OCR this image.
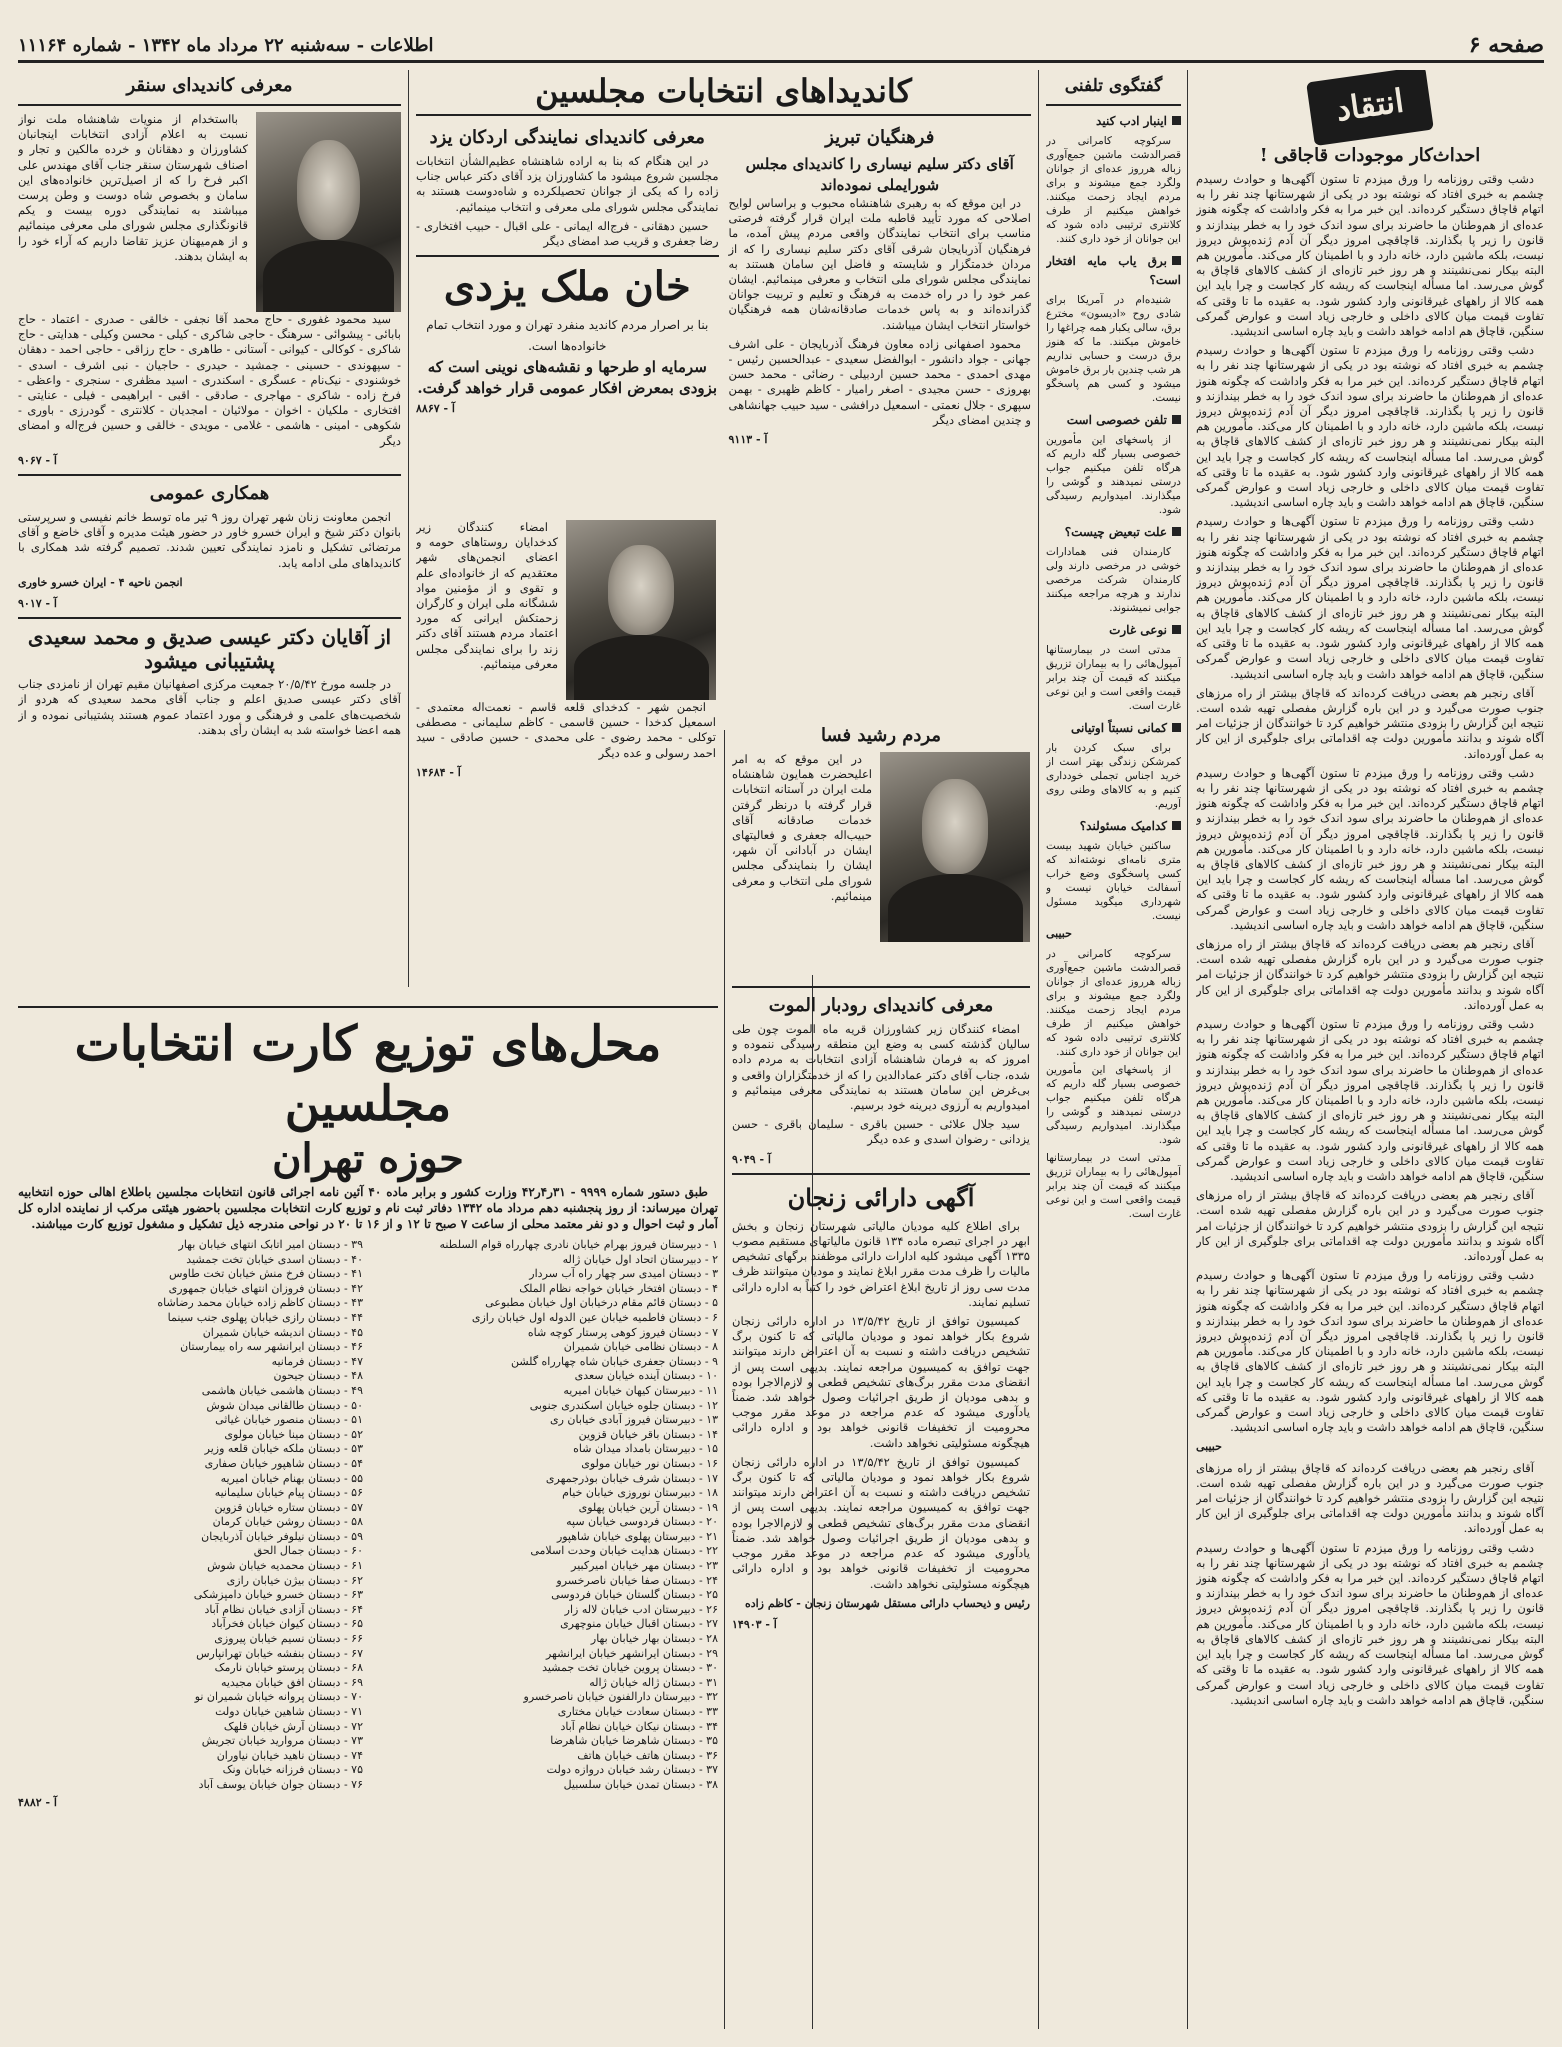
اطلاعات - سه‌شنبه ۲۲ مرداد ماه ۱۳۴۲ - شماره ۱۱۱۶۴	صفحه ۶
انتقاد
احداث‌کار موجودات قاجاقی !

دشب وقتی روزنامه را ورق میزدم تا ستون آگهی‌ها و حوادث رسیدم چشمم به خبری افتاد که نوشته بود در یکی از شهرستانها چند نفر را به اتهام قاچاق دستگیر کرده‌اند. این خبر مرا به فکر واداشت که چگونه هنوز عده‌ای از هم‌وطنان ما حاضرند برای سود اندک خود را به خطر بیندازند و قانون را زیر پا بگذارند. قاچاقچی امروز دیگر آن آدم ژنده‌پوش دیروز نیست، بلکه ماشین دارد، خانه دارد و با اطمینان کار می‌کند. مأمورین هم البته بیکار نمی‌نشینند و هر روز خبر تازه‌ای از کشف کالاهای قاچاق به گوش می‌رسد. اما مسأله اینجاست که ریشه کار کجاست و چرا باید این همه کالا از راههای غیرقانونی وارد کشور شود. به عقیده ما تا وقتی که تفاوت قیمت میان کالای داخلی و خارجی زیاد است و عوارض گمرکی سنگین، قاچاق هم ادامه خواهد داشت و باید چاره اساسی اندیشید.

دشب وقتی روزنامه را ورق میزدم تا ستون آگهی‌ها و حوادث رسیدم چشمم به خبری افتاد که نوشته بود در یکی از شهرستانها چند نفر را به اتهام قاچاق دستگیر کرده‌اند. این خبر مرا به فکر واداشت که چگونه هنوز عده‌ای از هم‌وطنان ما حاضرند برای سود اندک خود را به خطر بیندازند و قانون را زیر پا بگذارند. قاچاقچی امروز دیگر آن آدم ژنده‌پوش دیروز نیست، بلکه ماشین دارد، خانه دارد و با اطمینان کار می‌کند. مأمورین هم البته بیکار نمی‌نشینند و هر روز خبر تازه‌ای از کشف کالاهای قاچاق به گوش می‌رسد. اما مسأله اینجاست که ریشه کار کجاست و چرا باید این همه کالا از راههای غیرقانونی وارد کشور شود. به عقیده ما تا وقتی که تفاوت قیمت میان کالای داخلی و خارجی زیاد است و عوارض گمرکی سنگین، قاچاق هم ادامه خواهد داشت و باید چاره اساسی اندیشید.

دشب وقتی روزنامه را ورق میزدم تا ستون آگهی‌ها و حوادث رسیدم چشمم به خبری افتاد که نوشته بود در یکی از شهرستانها چند نفر را به اتهام قاچاق دستگیر کرده‌اند. این خبر مرا به فکر واداشت که چگونه هنوز عده‌ای از هم‌وطنان ما حاضرند برای سود اندک خود را به خطر بیندازند و قانون را زیر پا بگذارند. قاچاقچی امروز دیگر آن آدم ژنده‌پوش دیروز نیست، بلکه ماشین دارد، خانه دارد و با اطمینان کار می‌کند. مأمورین هم البته بیکار نمی‌نشینند و هر روز خبر تازه‌ای از کشف کالاهای قاچاق به گوش می‌رسد. اما مسأله اینجاست که ریشه کار کجاست و چرا باید این همه کالا از راههای غیرقانونی وارد کشور شود. به عقیده ما تا وقتی که تفاوت قیمت میان کالای داخلی و خارجی زیاد است و عوارض گمرکی سنگین، قاچاق هم ادامه خواهد داشت و باید چاره اساسی اندیشید.

آقای رنجبر هم بعضی دریافت کرده‌اند که قاچاق بیشتر از راه مرزهای جنوب صورت می‌گیرد و در این باره گزارش مفصلی تهیه شده است. نتیجه این گزارش را بزودی منتشر خواهیم کرد تا خوانندگان از جزئیات امر آگاه شوند و بدانند مأمورین دولت چه اقداماتی برای جلوگیری از این کار به عمل آورده‌اند.

دشب وقتی روزنامه را ورق میزدم تا ستون آگهی‌ها و حوادث رسیدم چشمم به خبری افتاد که نوشته بود در یکی از شهرستانها چند نفر را به اتهام قاچاق دستگیر کرده‌اند. این خبر مرا به فکر واداشت که چگونه هنوز عده‌ای از هم‌وطنان ما حاضرند برای سود اندک خود را به خطر بیندازند و قانون را زیر پا بگذارند. قاچاقچی امروز دیگر آن آدم ژنده‌پوش دیروز نیست، بلکه ماشین دارد، خانه دارد و با اطمینان کار می‌کند. مأمورین هم البته بیکار نمی‌نشینند و هر روز خبر تازه‌ای از کشف کالاهای قاچاق به گوش می‌رسد. اما مسأله اینجاست که ریشه کار کجاست و چرا باید این همه کالا از راههای غیرقانونی وارد کشور شود. به عقیده ما تا وقتی که تفاوت قیمت میان کالای داخلی و خارجی زیاد است و عوارض گمرکی سنگین، قاچاق هم ادامه خواهد داشت و باید چاره اساسی اندیشید.

آقای رنجبر هم بعضی دریافت کرده‌اند که قاچاق بیشتر از راه مرزهای جنوب صورت می‌گیرد و در این باره گزارش مفصلی تهیه شده است. نتیجه این گزارش را بزودی منتشر خواهیم کرد تا خوانندگان از جزئیات امر آگاه شوند و بدانند مأمورین دولت چه اقداماتی برای جلوگیری از این کار به عمل آورده‌اند.

دشب وقتی روزنامه را ورق میزدم تا ستون آگهی‌ها و حوادث رسیدم چشمم به خبری افتاد که نوشته بود در یکی از شهرستانها چند نفر را به اتهام قاچاق دستگیر کرده‌اند. این خبر مرا به فکر واداشت که چگونه هنوز عده‌ای از هم‌وطنان ما حاضرند برای سود اندک خود را به خطر بیندازند و قانون را زیر پا بگذارند. قاچاقچی امروز دیگر آن آدم ژنده‌پوش دیروز نیست، بلکه ماشین دارد، خانه دارد و با اطمینان کار می‌کند. مأمورین هم البته بیکار نمی‌نشینند و هر روز خبر تازه‌ای از کشف کالاهای قاچاق به گوش می‌رسد. اما مسأله اینجاست که ریشه کار کجاست و چرا باید این همه کالا از راههای غیرقانونی وارد کشور شود. به عقیده ما تا وقتی که تفاوت قیمت میان کالای داخلی و خارجی زیاد است و عوارض گمرکی سنگین، قاچاق هم ادامه خواهد داشت و باید چاره اساسی اندیشید.

آقای رنجبر هم بعضی دریافت کرده‌اند که قاچاق بیشتر از راه مرزهای جنوب صورت می‌گیرد و در این باره گزارش مفصلی تهیه شده است. نتیجه این گزارش را بزودی منتشر خواهیم کرد تا خوانندگان از جزئیات امر آگاه شوند و بدانند مأمورین دولت چه اقداماتی برای جلوگیری از این کار به عمل آورده‌اند.

دشب وقتی روزنامه را ورق میزدم تا ستون آگهی‌ها و حوادث رسیدم چشمم به خبری افتاد که نوشته بود در یکی از شهرستانها چند نفر را به اتهام قاچاق دستگیر کرده‌اند. این خبر مرا به فکر واداشت که چگونه هنوز عده‌ای از هم‌وطنان ما حاضرند برای سود اندک خود را به خطر بیندازند و قانون را زیر پا بگذارند. قاچاقچی امروز دیگر آن آدم ژنده‌پوش دیروز نیست، بلکه ماشین دارد، خانه دارد و با اطمینان کار می‌کند. مأمورین هم البته بیکار نمی‌نشینند و هر روز خبر تازه‌ای از کشف کالاهای قاچاق به گوش می‌رسد. اما مسأله اینجاست که ریشه کار کجاست و چرا باید این همه کالا از راههای غیرقانونی وارد کشور شود. به عقیده ما تا وقتی که تفاوت قیمت میان کالای داخلی و خارجی زیاد است و عوارض گمرکی سنگین، قاچاق هم ادامه خواهد داشت و باید چاره اساسی اندیشید.

حبیبی

آقای رنجبر هم بعضی دریافت کرده‌اند که قاچاق بیشتر از راه مرزهای جنوب صورت می‌گیرد و در این باره گزارش مفصلی تهیه شده است. نتیجه این گزارش را بزودی منتشر خواهیم کرد تا خوانندگان از جزئیات امر آگاه شوند و بدانند مأمورین دولت چه اقداماتی برای جلوگیری از این کار به عمل آورده‌اند.

دشب وقتی روزنامه را ورق میزدم تا ستون آگهی‌ها و حوادث رسیدم چشمم به خبری افتاد که نوشته بود در یکی از شهرستانها چند نفر را به اتهام قاچاق دستگیر کرده‌اند. این خبر مرا به فکر واداشت که چگونه هنوز عده‌ای از هم‌وطنان ما حاضرند برای سود اندک خود را به خطر بیندازند و قانون را زیر پا بگذارند. قاچاقچی امروز دیگر آن آدم ژنده‌پوش دیروز نیست، بلکه ماشین دارد، خانه دارد و با اطمینان کار می‌کند. مأمورین هم البته بیکار نمی‌نشینند و هر روز خبر تازه‌ای از کشف کالاهای قاچاق به گوش می‌رسد. اما مسأله اینجاست که ریشه کار کجاست و چرا باید این همه کالا از راههای غیرقانونی وارد کشور شود. به عقیده ما تا وقتی که تفاوت قیمت میان کالای داخلی و خارجی زیاد است و عوارض گمرکی سنگین، قاچاق هم ادامه خواهد داشت و باید چاره اساسی اندیشید.

گفتگوی تلفنی
اینبار ادب کنید

سرکوچه کامرانی در قصرالدشت ماشین جمع‌آوری زباله هرروز عده‌ای از جوانان ولگرد جمع میشوند و برای مردم ایجاد زحمت میکنند. خواهش میکنیم از طرف کلانتری ترتیبی داده شود که این جوانان از خود داری کنند.

برق یاب مایه افتخار است؟

شنیده‌ام در آمریکا برای شادی روح «ادیسون» مخترع برق، سالی یکبار همه چراغها را خاموش میکنند. ما که هنوز برق درست و حسابی نداریم هر شب چندین بار برق خاموش میشود و کسی هم پاسخگو نیست.

تلفن خصوصی است

از پاسخهای این مأمورین خصوصی بسیار گله داریم که هرگاه تلفن میکنیم جواب درستی نمیدهند و گوشی را میگذارند. امیدواریم رسیدگی شود.

علت تبعیض چیست؟

کارمندان فنی همادارات خوشی در مرخصی دارند ولی کارمندان شرکت مرخصی ندارند و هرچه مراجعه میکنند جوابی نمیشنوند.

نوعی غارت

مدتی است در بیمارستانها آمپول‌هائی را به بیماران تزریق میکنند که قیمت آن چند برابر قیمت واقعی است و این نوعی غارت است.

کمانی نسبتاً اوتیانی

برای سبک کردن بار کمرشکن زندگی بهتر است از خرید اجناس تجملی خودداری کنیم و به کالاهای وطنی روی آوریم.

کدامیک مسئولند؟

ساکنین خیابان شهید بیست متری نامه‌ای نوشته‌اند که کسی پاسخگوی وضع خراب آسفالت خیابان نیست و شهرداری میگوید مسئول نیست.

حبیبی

سرکوچه کامرانی در قصرالدشت ماشین جمع‌آوری زباله هرروز عده‌ای از جوانان ولگرد جمع میشوند و برای مردم ایجاد زحمت میکنند. خواهش میکنیم از طرف کلانتری ترتیبی داده شود که این جوانان از خود داری کنند.

از پاسخهای این مأمورین خصوصی بسیار گله داریم که هرگاه تلفن میکنیم جواب درستی نمیدهند و گوشی را میگذارند. امیدواریم رسیدگی شود.

مدتی است در بیمارستانها آمپول‌هائی را به بیماران تزریق میکنند که قیمت آن چند برابر قیمت واقعی است و این نوعی غارت است.

کاندیداهای انتخابات مجلسین
فرهنگیان تبریز
آقای دکتر سلیم نیساری را کاندیدای مجلس شورایملی نموده‌اند

در این موقع که به رهبری شاهنشاه محبوب و براساس لوایح اصلاحی که مورد تأیید قاطبه ملت ایران قرار گرفته فرصتی مناسب برای انتخاب نمایندگان واقعی مردم پیش آمده، ما فرهنگیان آذربایجان شرقی آقای دکتر سلیم نیساری را که از مردان خدمتگزار و شایسته و فاضل این سامان هستند به نمایندگی مجلس شورای ملی انتخاب و معرفی مینمائیم. ایشان عمر خود را در راه خدمت به فرهنگ و تعلیم و تربیت جوانان گذرانده‌اند و به پاس خدمات صادقانه‌شان همه فرهنگیان خواستار انتخاب ایشان میباشند.

محمود اصفهانی زاده معاون فرهنگ آذربایجان - علی اشرف جهانی - جواد دانشور - ابوالفضل سعیدی - عبدالحسین رئیس - مهدی احمدی - محمد حسین اردبیلی - رضائی - محمد حسن بهروزی - حسن مجیدی - اصغر رامیار - کاظم ظهیری - بهمن سپهری - جلال نعمتی - اسمعیل درافشی - سید حبیب جهانشاهی و چندین امضای دیگر

آ - ۹۱۱۳
معرفی کاندیدای نمایندگی اردکان یزد

در این هنگام که بنا به اراده شاهنشاه عظیم‌الشأن انتخابات مجلسین شروع میشود ما کشاورزان یزد آقای دکتر عباس جناب زاده را که یکی از جوانان تحصیلکرده و شاه‌دوست هستند به نمایندگی مجلس شورای ملی معرفی و انتخاب مینمائیم.

حسین دهقانی - فرج‌اله ایمانی - علی اقبال - حبیب افتخاری - رضا جعفری و قریب صد امضای دیگر

خان ملک یزدی
بنا بر اصرار مردم کاندید منفرد تهران و مورد انتخاب تمام خانواده‌ها است.
سرمایه او طرحها و نقشه‌های نوینی است که بزودی بمعرض افکار عمومی قرار خواهد گرفت.
آ - ۸۸۶۷

امضاء کنندگان زیر کدخدایان روستاهای حومه و اعضای انجمن‌های شهر معتقدیم که از خانواده‌ای علم و تقوی و از مؤمنین مواد ششگانه ملی ایران و کارگران زحمتکش ایرانی که مورد اعتماد مردم هستند آقای دکتر زند را برای نمایندگی مجلس معرفی مینمائیم.

انجمن شهر - کدخدای قلعه قاسم - نعمت‌اله معتمدی - اسمعیل کدخدا - حسین قاسمی - کاظم سلیمانی - مصطفی توکلی - محمد رضوی - علی محمدی - حسین صادقی - سید احمد رسولی و عده دیگر

آ - ۱۴۶۸۴
مردم رشید فسا

در این موقع که به امر اعلیحضرت همایون شاهنشاه ملت ایران در آستانه انتخابات قرار گرفته با درنظر گرفتن خدمات صادقانه آقای حبیب‌اله جعفری و فعالیتهای ایشان در آبادانی آن شهر، ایشان را بنمایندگی مجلس شورای ملی انتخاب و معرفی مینمائیم.

معرفی کاندیدای سنقر

بااستخدام از منویات شاهنشاه ملت نواز نسبت به اعلام آزادی انتخابات اینجانبان کشاورزان و دهقانان و خرده مالکین و تجار و اصناف شهرستان سنقر جناب آقای مهندس علی اکبر فرخ را که از اصیل‌ترین خانواده‌های این سامان و بخصوص شاه دوست و وطن پرست میباشند به نمایندگی دوره بیست و یکم قانونگذاری مجلس شورای ملی معرفی مینمائیم و از هم‌میهنان عزیز تقاضا داریم که آراء خود را به ایشان بدهند.

سید محمود غفوری - حاج محمد آقا نجفی - خالقی - صدری - اعتماد - حاج بابائی - پیشوائی - سرهنگ - حاجی شاکری - کیلی - محسن وکیلی - هدایتی - حاج شاکری - کوکالی - کیوانی - آستانی - طاهری - حاج رزاقی - حاجی احمد - دهقان - سپهوندی - حسینی - جمشید - حیدری - حاجیان - نبی اشرف - اسدی - خوشنودی - نیک‌نام - عسگری - اسکندری - اسید مظفری - سنجری - واعظی - فرخ زاده - شاکری - مهاجری - صادقی - اقبی - ابراهیمی - فیلی - عنایتی - افتخاری - ملکیان - اخوان - مولائیان - امجدیان - کلانتری - گودرزی - باوری - شکوهی - امینی - هاشمی - غلامی - مویدی - خالقی و حسین فرج‌اله و امضای دیگر

آ - ۹۰۶۷
همکاری عمومی

انجمن معاونت زنان شهر تهران روز ۹ تیر ماه توسط خانم نفیسی و سرپرستی بانوان دکتر شیخ و ایران خسرو خاور در حضور هیئت مدیره و آقای خاضع و آقای مرتضائی تشکیل و نامزد نمایندگی تعیین شدند. تصمیم گرفته شد همکاری با کاندیداهای ملی ادامه یابد.

انجمن ناحیه ۴ - ایران خسرو خاوری
آ - ۹۰۱۷
از آقایان دکتر عیسی صدیق و محمد سعیدی پشتیبانی میشود

در جلسه مورخ ۲۰/۵/۴۲ جمعیت مرکزی اصفهانیان مقیم تهران از نامزدی جناب آقای دکتر عیسی صدیق اعلم و جناب آقای محمد سعیدی که هردو از شخصیت‌های علمی و فرهنگی و مورد اعتماد عموم هستند پشتیبانی نموده و از همه اعضا خواسته شد به ایشان رأی بدهند.

محل‌های توزیع کارت انتخابات مجلسین
حوزه تهران

طبق دستور شماره ۹۹۹۹ - ۳۱ر۴ر۴۲ وزارت کشور و برابر ماده ۴۰ آئین نامه اجرائی قانون انتخابات مجلسین باطلاع اهالی حوزه انتخابیه تهران میرساند: از روز پنجشنبه دهم مرداد ماه ۱۳۴۲ دفاتر ثبت نام و توزیع کارت انتخابات مجلسین باحضور هیئتی مرکب از نماینده اداره کل آمار و ثبت احوال و دو نفر معتمد محلی از ساعت ۷ صبح تا ۱۲ و از ۱۶ تا ۲۰ در نواحی مندرجه ذیل تشکیل و مشغول توزیع کارت میباشند.

۱ - دبیرستان فیروز بهرام خیابان نادری چهارراه قوام السلطنه
۲ - دبیرستان اتحاد اول خیابان ژاله
۳ - دبستان امیدی سر چهار راه آب سردار
۴ - دبستان افتخار خیابان خواجه نظام الملک
۵ - دبستان قائم مقام درخیابان اول خیابان مطبوعی
۶ - دبستان فاطمیه خیابان عین الدوله اول خیابان رازی
۷ - دبستان فیروز کوهی پرستار کوچه شاه
۸ - دبستان نظامی خیابان شمیران
۹ - دبستان جعفری خیابان شاه چهارراه گلشن
۱۰ - دبستان آینده خیابان سعدی
۱۱ - دبیرستان کیهان خیابان امیریه
۱۲ - دبستان جلوه خیابان اسکندری جنوبی
۱۳ - دبیرستان فیروز آبادی خیابان ری
۱۴ - دبستان باقر خیابان قزوین
۱۵ - دبیرستان بامداد میدان شاه
۱۶ - دبستان نور خیابان مولوی
۱۷ - دبستان شرف خیابان بوذرجمهری
۱۸ - دبیرستان نوروزی خیابان خیام
۱۹ - دبستان آرین خیابان پهلوی
۲۰ - دبستان فردوسی خیابان سپه
۲۱ - دبیرستان پهلوی خیابان شاهپور
۲۲ - دبستان هدایت خیابان وحدت اسلامی
۲۳ - دبستان مهر خیابان امیرکبیر
۲۴ - دبستان صفا خیابان ناصرخسرو
۲۵ - دبستان گلستان خیابان فردوسی
۲۶ - دبیرستان ادب خیابان لاله زار
۲۷ - دبستان اقبال خیابان منوچهری
۲۸ - دبستان بهار خیابان بهار
۲۹ - دبستان ایرانشهر خیابان ایرانشهر
۳۰ - دبستان پروین خیابان تخت جمشید
۳۱ - دبستان ژاله خیابان ژاله
۳۲ - دبیرستان دارالفنون خیابان ناصرخسرو
۳۳ - دبستان سعادت خیابان مختاری
۳۴ - دبستان نیکان خیابان نظام آباد
۳۵ - دبستان شاهرضا خیابان شاهرضا
۳۶ - دبستان هاتف خیابان هاتف
۳۷ - دبستان رشد خیابان دروازه دولت
۳۸ - دبستان تمدن خیابان سلسبیل
۳۹ - دبستان امیر اتابک انتهای خیابان بهار
۴۰ - دبستان اسدی خیابان تخت جمشید
۴۱ - دبستان فرخ منش خیابان تخت طاوس
۴۲ - دبستان فروزان انتهای خیابان جمهوری
۴۳ - دبستان کاظم زاده خیابان محمد رضاشاه
۴۴ - دبستان رازی خیابان پهلوی جنب سینما
۴۵ - دبستان اندیشه خیابان شمیران
۴۶ - دبستان ایرانشهر سه راه بیمارستان
۴۷ - دبستان فرمانیه
۴۸ - دبستان جیحون
۴۹ - دبستان هاشمی خیابان هاشمی
۵۰ - دبستان طالقانی میدان شوش
۵۱ - دبستان منصور خیابان غیاثی
۵۲ - دبستان مینا خیابان مولوی
۵۳ - دبستان ملکه خیابان قلعه وزیر
۵۴ - دبستان شاهپور خیابان صفاری
۵۵ - دبستان بهنام خیابان امیریه
۵۶ - دبستان پیام خیابان سلیمانیه
۵۷ - دبستان ستاره خیابان قزوین
۵۸ - دبستان روشن خیابان کرمان
۵۹ - دبستان نیلوفر خیابان آذربایجان
۶۰ - دبستان جمال الحق
۶۱ - دبستان محمدیه خیابان شوش
۶۲ - دبستان بیژن خیابان رازی
۶۳ - دبستان خسرو خیابان دامپزشکی
۶۴ - دبستان آزادی خیابان نظام آباد
۶۵ - دبستان کیوان خیابان فخرآباد
۶۶ - دبستان نسیم خیابان پیروزی
۶۷ - دبستان بنفشه خیابان تهرانپارس
۶۸ - دبستان پرستو خیابان نارمک
۶۹ - دبستان افق خیابان مجیدیه
۷۰ - دبستان پروانه خیابان شمیران نو
۷۱ - دبستان شاهین خیابان دولت
۷۲ - دبستان آرش خیابان قلهک
۷۳ - دبستان مروارید خیابان تجریش
۷۴ - دبستان ناهید خیابان نیاوران
۷۵ - دبستان فرزانه خیابان ونک
۷۶ - دبستان جوان خیابان یوسف آباد
آ - ۴۸۸۲
معرفی کاندیدای رودبار الموت

امضاء کنندگان زیر کشاورزان قریه ماه الموت چون طی سالیان گذشته کسی به وضع این منطقه رسیدگی ننموده و امروز که به فرمان شاهنشاه آزادی انتخابات به مردم داده شده، جناب آقای دکتر عمادالدین را که از خدمتگزاران واقعی و بی‌غرض این سامان هستند به نمایندگی معرفی مینمائیم و امیدواریم به آرزوی دیرینه خود برسیم.

سید جلال علائی - حسین باقری - سلیمان باقری - حسن یزدانی - رضوان اسدی و عده دیگر

آ - ۹۰۴۹
آگهی دارائی زنجان

برای اطلاع کلیه مودیان مالیاتی شهرستان زنجان و بخش ابهر در اجرای تبصره ماده ۱۳۴ قانون مالیاتهای مستقیم مصوب ۱۳۳۵ آگهی میشود کلیه ادارات دارائی موظفند برگهای تشخیص مالیات را ظرف مدت مقرر ابلاغ نمایند و مودیان میتوانند ظرف مدت سی روز از تاریخ ابلاغ اعتراض خود را کتباً به اداره دارائی تسلیم نمایند.

کمیسیون توافق از تاریخ ۱۳/۵/۴۲ در اداره دارائی زنجان شروع بکار خواهد نمود و مودیان مالیاتی که تا کنون برگ تشخیص دریافت داشته و نسبت به آن اعتراض دارند میتوانند جهت توافق به کمیسیون مراجعه نمایند. بدیهی است پس از انقضای مدت مقرر برگ‌های تشخیص قطعی و لازم‌الاجرا بوده و بدهی مودیان از طریق اجرائیات وصول خواهد شد. ضمناً یادآوری میشود که عدم مراجعه در موعد مقرر موجب محرومیت از تخفیفات قانونی خواهد بود و اداره دارائی هیچگونه مسئولیتی نخواهد داشت.

کمیسیون توافق از تاریخ ۱۳/۵/۴۲ در اداره دارائی زنجان شروع بکار خواهد نمود و مودیان مالیاتی که تا کنون برگ تشخیص دریافت داشته و نسبت به آن اعتراض دارند میتوانند جهت توافق به کمیسیون مراجعه نمایند. بدیهی است پس از انقضای مدت مقرر برگ‌های تشخیص قطعی و لازم‌الاجرا بوده و بدهی مودیان از طریق اجرائیات وصول خواهد شد. ضمناً یادآوری میشود که عدم مراجعه در موعد مقرر موجب محرومیت از تخفیفات قانونی خواهد بود و اداره دارائی هیچگونه مسئولیتی نخواهد داشت.

رئیس و ذیحساب دارائی مستقل شهرستان زنجان - کاظم زاده
آ - ۱۴۹۰۳
